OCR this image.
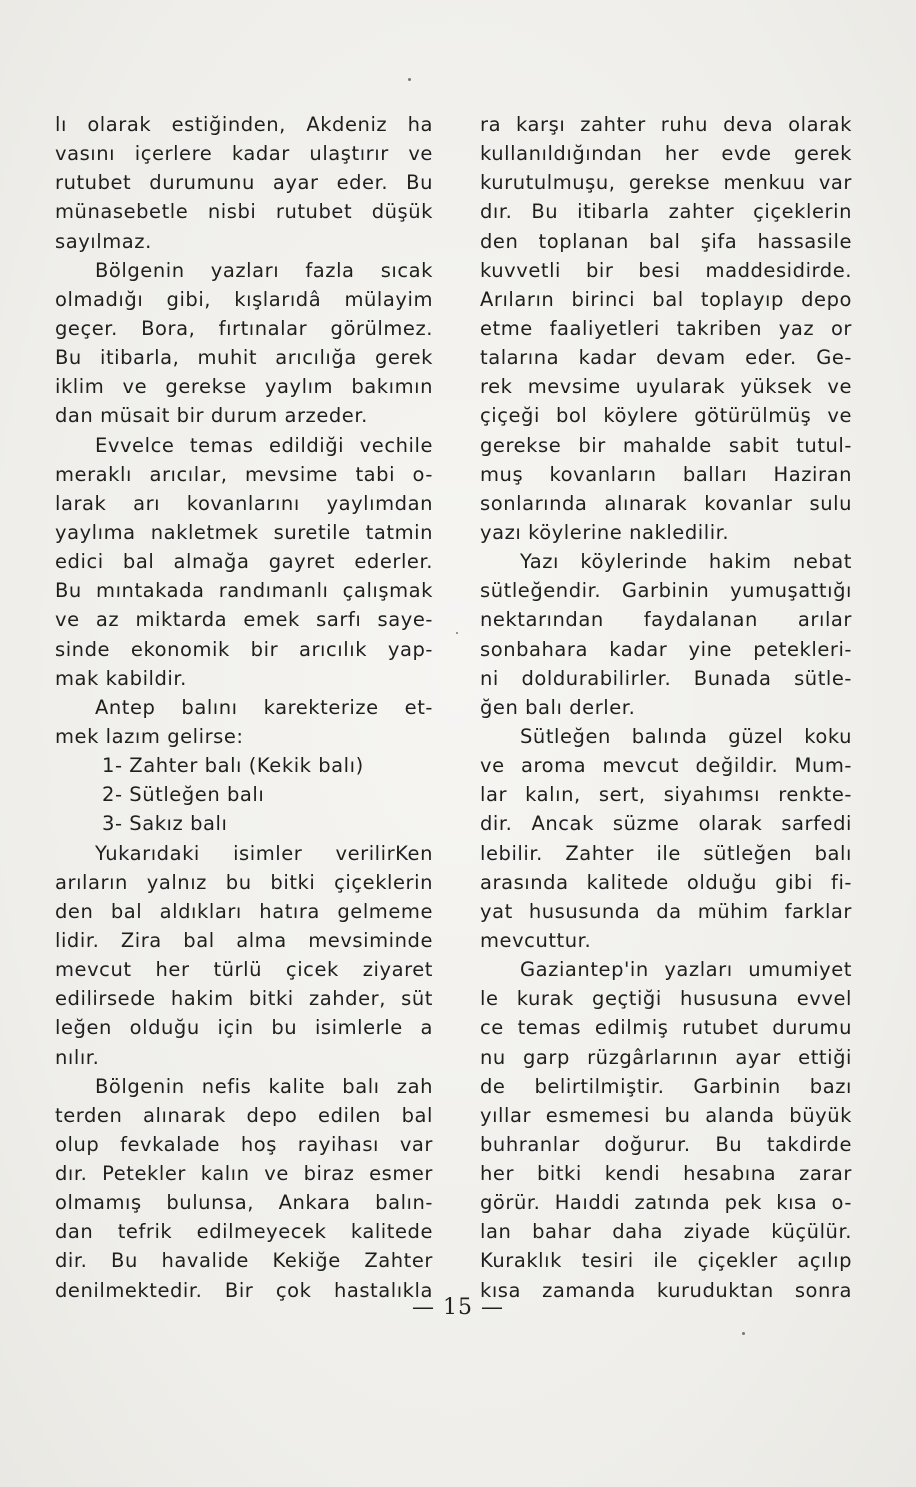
lı olarak estiğinden, Akdeniz ha
vasını içerlere kadar ulaştırır ve
rutubet durumunu ayar eder. Bu
münasebetle nisbi rutubet düşük
sayılmaz.
Bölgenin yazları fazla sıcak
olmadığı gibi, kışlarıdâ mülayim
geçer. Bora, fırtınalar görülmez.
Bu itibarla, muhit arıcılığa gerek
iklim ve gerekse yaylım bakımın
dan müsait bir durum arzeder.
Evvelce temas edildiği vechile
meraklı arıcılar, mevsime tabi o-
larak arı kovanlarını yaylımdan
yaylıma nakletmek suretile tatmin
edici bal almağa gayret ederler.
Bu mıntakada randımanlı çalışmak
ve az miktarda emek sarfı saye-
sinde ekonomik bir arıcılık yap-
mak kabildir.
Antep balını karekterize et-
mek lazım gelirse:
1- Zahter balı (Kekik balı)
2- Sütleğen balı
3- Sakız balı
Yukarıdaki isimler verilirKen
arıların yalnız bu bitki çiçeklerin
den bal aldıkları hatıra gelmeme
lidir. Zira bal alma mevsiminde
mevcut her türlü çicek ziyaret
edilirsede hakim bitki zahder, süt
leğen olduğu için bu isimlerle a
nılır.
Bölgenin nefis kalite balı zah
terden alınarak depo edilen bal
olup fevkalade hoş rayihası var
dır. Petekler kalın ve biraz esmer
olmamış bulunsa, Ankara balın-
dan tefrik edilmeyecek kalitede
dir. Bu havalide Kekiğe Zahter
denilmektedir. Bir çok hastalıkla
ra karşı zahter ruhu deva olarak
kullanıldığından her evde gerek
kurutulmuşu, gerekse menkuu var
dır. Bu itibarla zahter çiçeklerin
den toplanan bal şifa hassasile
kuvvetli bir besi maddesidirde.
Arıların birinci bal toplayıp depo
etme faaliyetleri takriben yaz or
talarına kadar devam eder. Ge-
rek mevsime uyularak yüksek ve
çiçeği bol köylere götürülmüş ve
gerekse bir mahalde sabit tutul-
muş kovanların balları Haziran
sonlarında alınarak kovanlar sulu
yazı köylerine nakledilir.
Yazı köylerinde hakim nebat
sütleğendir. Garbinin yumuşattığı
nektarından faydalanan arılar
sonbahara kadar yine petekleri-
ni doldurabilirler. Bunada sütle-
ğen balı derler.
Sütleğen balında güzel koku
ve aroma mevcut değildir. Mum-
lar kalın, sert, siyahımsı renkte-
dir. Ancak süzme olarak sarfedi
lebilir. Zahter ile sütleğen balı
arasında kalitede olduğu gibi fi-
yat hususunda da mühim farklar
mevcuttur.
Gaziantep'in yazları umumiyet
le kurak geçtiği hususuna evvel
ce temas edilmiş rutubet durumu
nu garp rüzgârlarının ayar ettiği
de belirtilmiştir. Garbinin bazı
yıllar esmemesi bu alanda büyük
buhranlar doğurur. Bu takdirde
her bitki kendi hesabına zarar
görür. Haıddi zatında pek kısa o-
lan bahar daha ziyade küçülür.
Kuraklık tesiri ile çiçekler açılıp
kısa zamanda kuruduktan sonra
— 15 —
